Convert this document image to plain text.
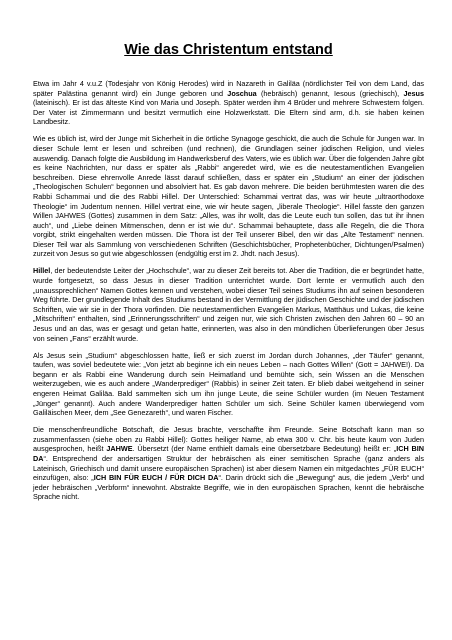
Wie das Christentum entstand

Etwa im Jahr 4 v.u.Z (Todesjahr von König Herodes) wird in Nazareth in Galiläa (nördlichster Teil von dem Land, das später Palästina genannt wird) ein Junge geboren und Joschua (hebräisch) genannt, Iesous (griechisch), Jesus (lateinisch). Er ist das älteste Kind von Maria und Joseph. Später werden ihm 4 Brüder und mehrere Schwestern folgen. Der Vater ist Zimmermann und besitzt vermutlich eine Holzwerkstatt. Die Eltern sind arm, d.h. sie haben keinen Landbesitz.

Wie es üblich ist, wird der Junge mit Sicherheit in die örtliche Synagoge geschickt, die auch die Schule für Jungen war. In dieser Schule lernt er lesen und schreiben (und rechnen), die Grundlagen seiner jüdischen Religion, und vieles auswendig. Danach folgte die Ausbildung im Handwerksberuf des Vaters, wie es üblich war. Über die folgenden Jahre gibt es keine Nachrichten, nur dass er später als „Rabbi“ angeredet wird, wie es die neutestamentlichen Evangelien beschreiben. Diese ehrenvolle Anrede lässt darauf schließen, dass er später ein „Studium“ an einer der jüdischen „Theologischen Schulen“ begonnen und absolviert hat. Es gab davon mehrere. Die beiden berühmtesten waren die des Rabbi Schammai und die des Rabbi Hillel. Der Unterschied: Schammai vertrat das, was wir heute „ultraorthodoxe Theologie“ im Judentum nennen. Hillel vertrat eine, wie wir heute sagen, „liberale Theologie“. Hillel fasste den ganzen Willen JAHWES (Gottes) zusammen in dem Satz: „Alles, was ihr wollt, das die Leute euch tun sollen, das tut ihr ihnen auch“, und „Liebe deinen Mitmenschen, denn er ist wie du“. Schammai behauptete, dass alle Regeln, die die Thora vorgibt, strikt eingehalten werden müssen. Die Thora ist der Teil unserer Bibel, den wir das „Alte Testament“ nennen. Dieser Teil war als Sammlung von verschiedenen Schriften (Geschichtsbücher, Prophetenbücher, Dichtungen/Psalmen) zurzeit von Jesus so gut wie abgeschlossen (endgültig erst im 2. Jhdt. nach Jesus).

Hillel, der bedeutendste Leiter der „Hochschule“, war zu dieser Zeit bereits tot. Aber die Tradition, die er begründet hatte, wurde fortgesetzt, so dass Jesus in dieser Tradition unterrichtet wurde. Dort lernte er vermutlich auch den „unaussprechlichen“ Namen Gottes kennen und verstehen, wobei dieser Teil seines Studiums ihn auf seinen besonderen Weg führte. Der grundlegende Inhalt des Studiums bestand in der Vermittlung der jüdischen Geschichte und der jüdischen Schriften, wie wir sie in der Thora vorfinden. Die neutestamentlichen Evangelien Markus, Matthäus und Lukas, die keine „Mitschriften“ enthalten, sind „Erinnerungsschriften“ und zeigen nur, wie sich Christen zwischen den Jahren 60 – 90 an Jesus und an das, was er gesagt und getan hatte, erinnerten, was also in den mündlichen Überlieferungen über Jesus von seinen „Fans“ erzählt wurde.

Als Jesus sein „Studium“ abgeschlossen hatte, ließ er sich zuerst im Jordan durch Johannes, „der Täufer“ genannt, taufen, was soviel bedeutete wie: „Von jetzt ab beginne ich ein neues Leben – nach Gottes Willen“ (Gott = JAHWE!). Da begann er als Rabbi eine Wanderung durch sein Heimatland und bemühte sich, sein Wissen an die Menschen weiterzugeben, wie es auch andere „Wanderprediger“ (Rabbis) in seiner Zeit taten. Er blieb dabei weitgehend in seiner engeren Heimat Galiläa. Bald sammelten sich um ihn junge Leute, die seine Schüler wurden (im Neuen Testament „Jünger“ genannt). Auch andere Wanderprediger hatten Schüler um sich. Seine Schüler kamen überwiegend vom Galiläischen Meer, dem „See Genezareth“, und waren Fischer.

Die menschenfreundliche Botschaft, die Jesus brachte, verschaffte ihm Freunde. Seine Botschaft kann man so zusammenfassen (siehe oben zu Rabbi Hillel): Gottes heiliger Name, ab etwa 300 v. Chr. bis heute kaum von Juden ausgesprochen, heißt JAHWE. Übersetzt (der Name enthielt damals eine übersetzbare Bedeutung) heißt er: „ICH BIN DA“. Entsprechend der andersartigen Struktur der hebräischen als einer semitischen Sprache (ganz anders als Lateinisch, Griechisch und damit unsere europäischen Sprachen) ist aber diesem Namen ein mitgedachtes „FÜR EUCH“ einzufügen, also: „ICH BIN FÜR EUCH / FÜR DICH DA“. Darin drückt sich die „Bewegung“ aus, die jedem „Verb“ und jeder hebräischen „Verbform“ innewohnt. Abstrakte Begriffe, wie in den europäischen Sprachen, kennt die hebräische Sprache nicht.
